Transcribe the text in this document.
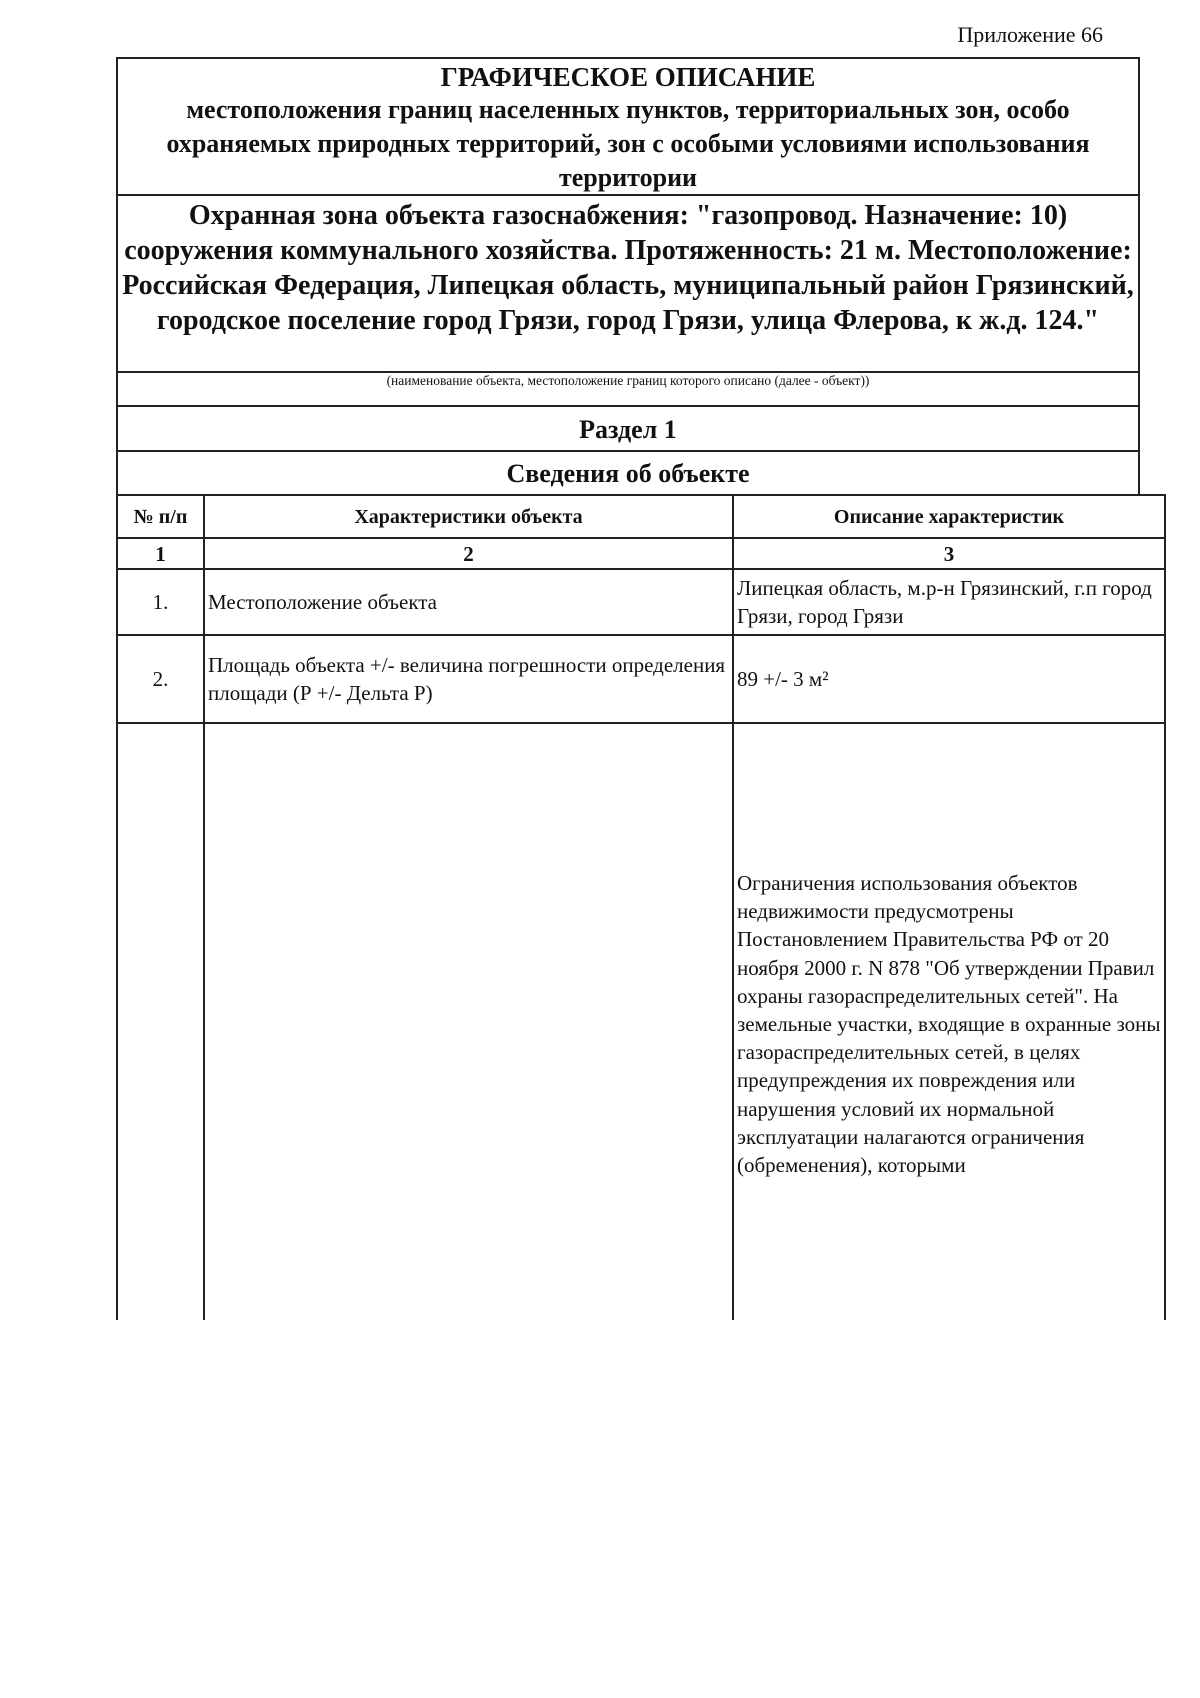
Приложение 66
ГРАФИЧЕСКОЕ ОПИСАНИЕ
местоположения границ населенных пунктов, территориальных зон, особо охраняемых природных территорий, зон с особыми условиями использования территории
Охранная зона объекта газоснабжения: "газопровод. Назначение: 10) сооружения коммунального хозяйства. Протяженность: 21 м. Местоположение: Российская Федерация, Липецкая область, муниципальный район Грязинский, городское поселение город Грязи, город Грязи, улица Флерова, к ж.д. 124."
(наименование объекта, местоположение границ которого описано (далее - объект))
Раздел 1
Сведения об объекте
№ п/п	Характеристики объекта	Описание характеристик
1	2	3
1.	Местоположение объекта	Липецкая область, м.р-н Грязинский, г.п город Грязи, город Грязи
2.	Площадь объекта +/- величина погрешности определения площади (Р +/- Дельта Р)	89 +/- 3 м²
		Ограничения использования объектов недвижимости предусмотрены Постановлением Правительства РФ от 20 ноября 2000 г. N 878 "Об утверждении Правил охраны газораспределительных сетей". На земельные участки, входящие в охранные зоны газораспределительных сетей, в целях предупреждения их повреждения или нарушения условий их нормальной эксплуатации налагаются ограничения (обременения), которыми
